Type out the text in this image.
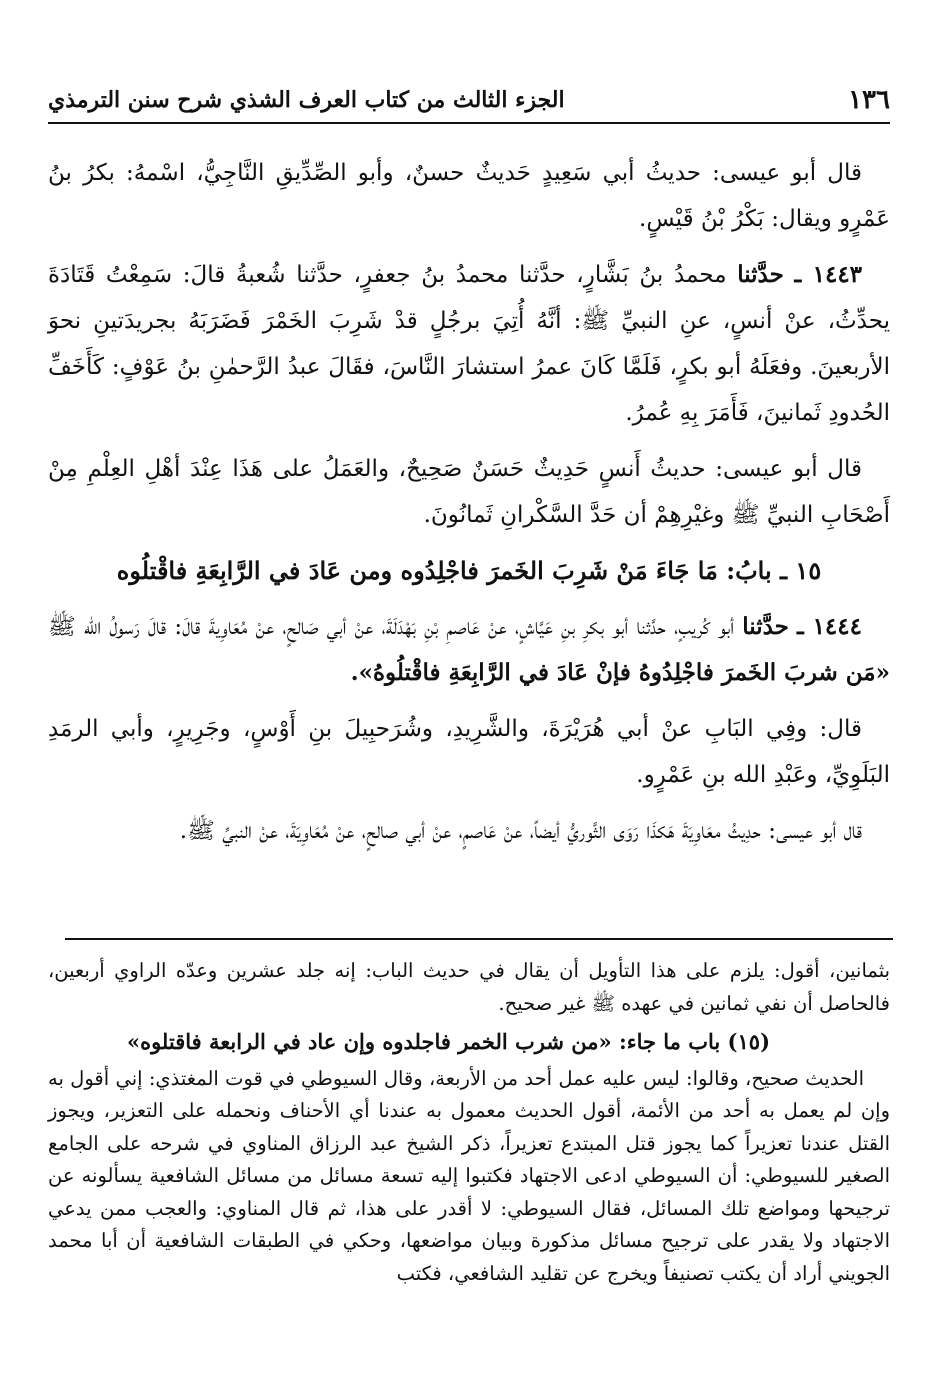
١٣٦
الجزء الثالث من كتاب العرف الشذي شرح سنن الترمذي

قال أبو عيسى: حديثُ أبي سَعِيدٍ حَديثٌ حسنٌ، وأبو الصِّدِّيقِ النَّاجِيُّ، اسْمهُ: بكرُ بنُ عَمْرٍو ويقال: بَكْرُ بْنُ قَيْسٍ.

١٤٤٣ ـ حدَّثنا محمدُ بنُ بَشَّارٍ، حدَّثنا محمدُ بنُ جعفرٍ، حدَّثنا شُعبةُ قالَ: سَمِعْتُ قَتَادَةَ يحدِّثُ، عنْ أنسٍ، عنِ النبيِّ ﷺ: أنَّهُ أُتِيَ برجُلٍ قدْ شَرِبَ الخَمْرَ فَضَرَبَهُ بجريدَتينِ نحوَ الأربعينَ. وفعَلَهُ أبو بكرٍ، فَلَمَّا كَانَ عمرُ استشارَ النَّاسَ، فقَالَ عبدُ الرَّحمٰنِ بنُ عَوْفٍ: كَأَخَفِّ الحُدودِ ثَمانينَ، فَأَمَرَ بِهِ عُمرُ.

قال أبو عيسى: حديثُ أَنسٍ حَدِيثٌ حَسَنٌ صَحِيحٌ، والعَمَلُ على هَذَا عِنْدَ أهْلِ العِلْمِ مِنْ أَصْحَابِ النبيِّ ﷺ وغيْرِهِمْ أن حَدَّ السَّكْرانِ ثَمانُونَ.

١٥ ـ بابُ: مَا جَاءَ مَنْ شَرِبَ الخَمرَ فاجْلِدُوه ومن عَادَ في الرَّابِعَةِ فاقْتلُوه

١٤٤٤ ـ حدَّثنا أبو كُريبٍ، حدَّثنا أبو بكرِ بنِ عَيَّاشٍ، عنْ عَاصمِ بْنِ بَهْدَلَةَ، عنْ أبي صَالحٍ، عنْ مُعَاوِيةَ قالَ: قالَ رَسولُ الله ﷺ «مَن شربَ الخَمرَ فاجْلِدُوهُ فإنْ عَادَ في الرَّابِعَةِ فاقْتلُوهُ».

قال: وفِي البَابِ عنْ أبي هُرَيْرَةَ، والشَّرِيدِ، وشُرَحبِيلَ بنِ أَوْسٍ، وجَرِيرٍ، وأبي الرمَدِ البَلَوِيِّ، وعَبْدِ الله بنِ عَمْرٍو.

قال أبو عيسى: حدِيثُ معَاوِيَةَ هَكذَا رَوَى الثَّوريُّ أيضاً، عنْ عَاصمٍ، عنْ أبي صالحٍ، عنْ مُعَاوِيَةَ، عنْ النبيِّ ﷺ.

بثمانين، أقول: يلزم على هذا التأويل أن يقال في حديث الباب: إنه جلد عشرين وعدّه الراوي أربعين، فالحاصل أن نفي ثمانين في عهده ﷺ غير صحيح.

(١٥) باب ما جاء: «من شرب الخمر فاجلدوه وإن عاد في الرابعة فاقتلوه»

الحديث صحيح، وقالوا: ليس عليه عمل أحد من الأربعة، وقال السيوطي في قوت المغتذي: إني أقول به وإن لم يعمل به أحد من الأئمة، أقول الحديث معمول به عندنا أي الأحناف ونحمله على التعزير، ويجوز القتل عندنا تعزيراً كما يجوز قتل المبتدع تعزيراً، ذكر الشيخ عبد الرزاق المناوي في شرحه على الجامع الصغير للسيوطي: أن السيوطي ادعى الاجتهاد فكتبوا إليه تسعة مسائل من مسائل الشافعية يسألونه عن ترجيحها ومواضع تلك المسائل، فقال السيوطي: لا أقدر على هذا، ثم قال المناوي: والعجب ممن يدعي الاجتهاد ولا يقدر على ترجيح مسائل مذكورة وبيان مواضعها، وحكي في الطبقات الشافعية أن أبا محمد الجويني أراد أن يكتب تصنيفاً ويخرج عن تقليد الشافعي، فكتب
